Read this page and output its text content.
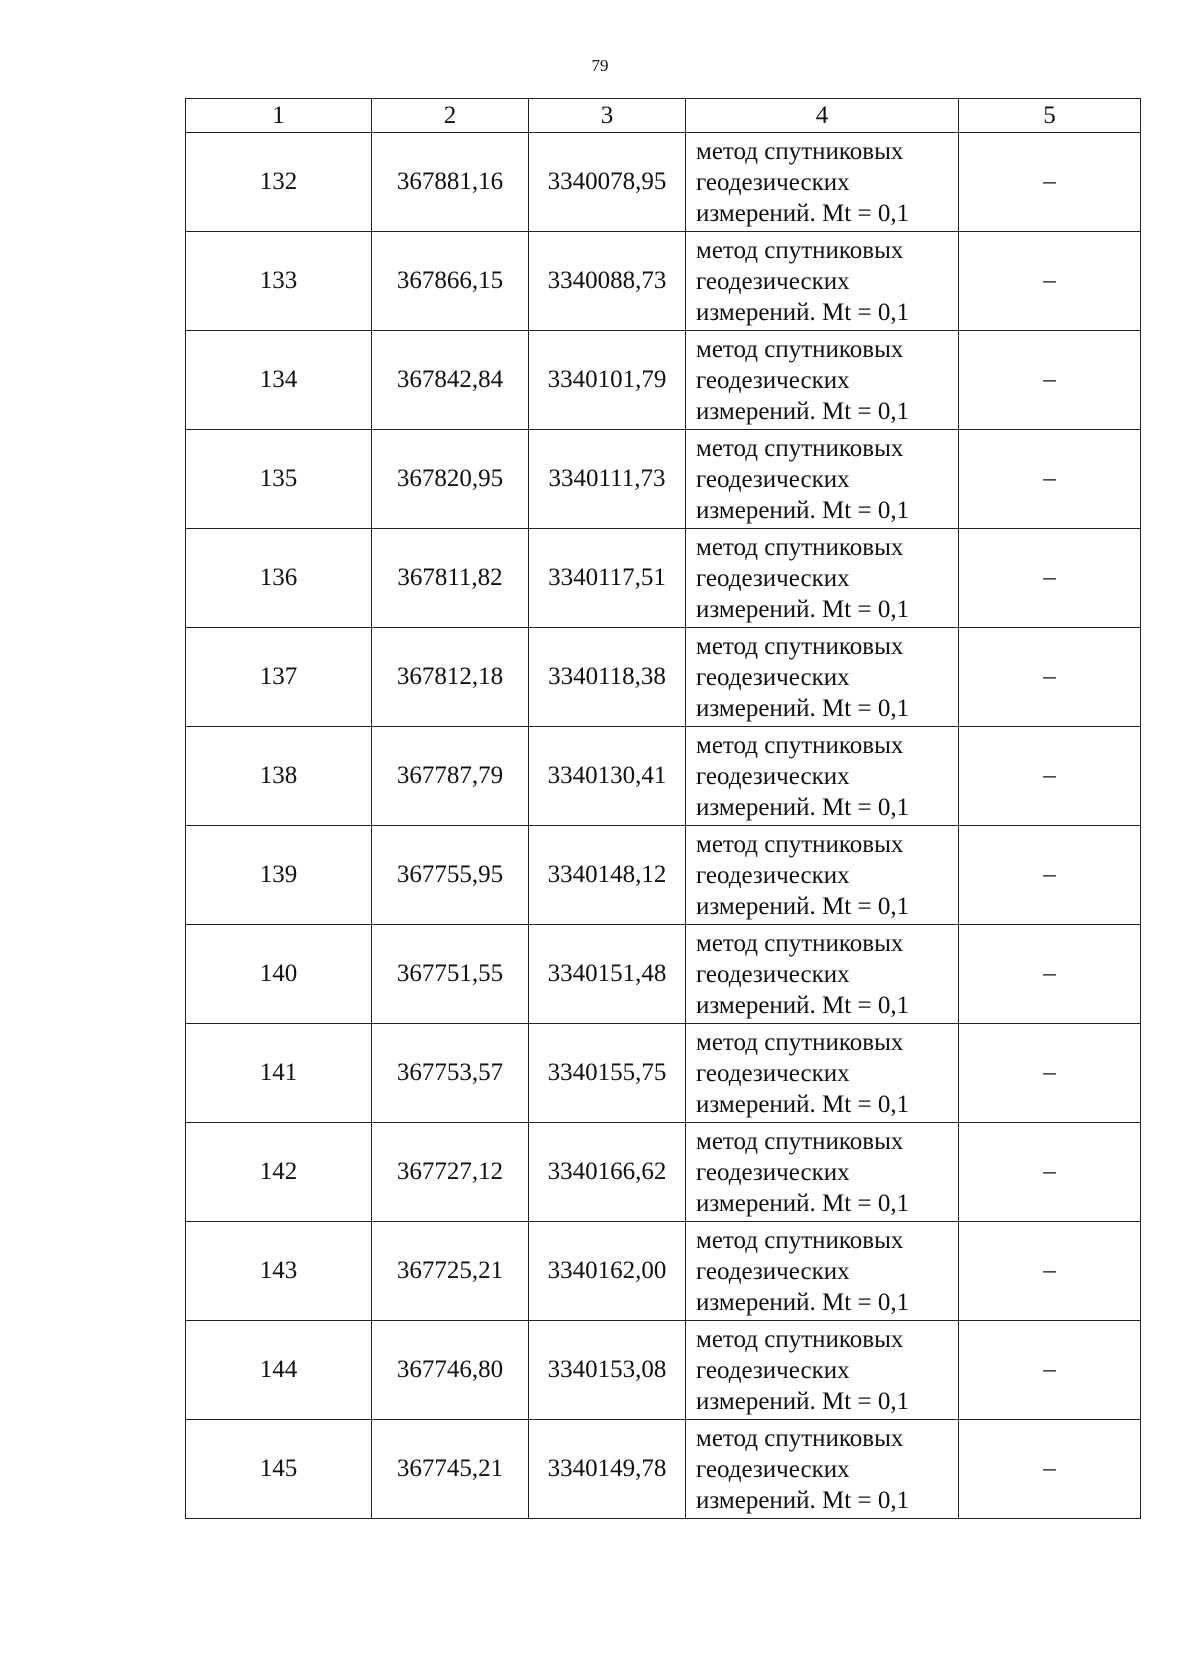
79
1	2	3	4	5
132	367881,16	3340078,95	метод спутниковых геодезических измерений. Mt = 0,1	–
133	367866,15	3340088,73	метод спутниковых геодезических измерений. Mt = 0,1	–
134	367842,84	3340101,79	метод спутниковых геодезических измерений. Mt = 0,1	–
135	367820,95	3340111,73	метод спутниковых геодезических измерений. Mt = 0,1	–
136	367811,82	3340117,51	метод спутниковых геодезических измерений. Mt = 0,1	–
137	367812,18	3340118,38	метод спутниковых геодезических измерений. Mt = 0,1	–
138	367787,79	3340130,41	метод спутниковых геодезических измерений. Mt = 0,1	–
139	367755,95	3340148,12	метод спутниковых геодезических измерений. Mt = 0,1	–
140	367751,55	3340151,48	метод спутниковых геодезических измерений. Mt = 0,1	–
141	367753,57	3340155,75	метод спутниковых геодезических измерений. Mt = 0,1	–
142	367727,12	3340166,62	метод спутниковых геодезических измерений. Mt = 0,1	–
143	367725,21	3340162,00	метод спутниковых геодезических измерений. Mt = 0,1	–
144	367746,80	3340153,08	метод спутниковых геодезических измерений. Mt = 0,1	–
145	367745,21	3340149,78	метод спутниковых геодезических измерений. Mt = 0,1	–
